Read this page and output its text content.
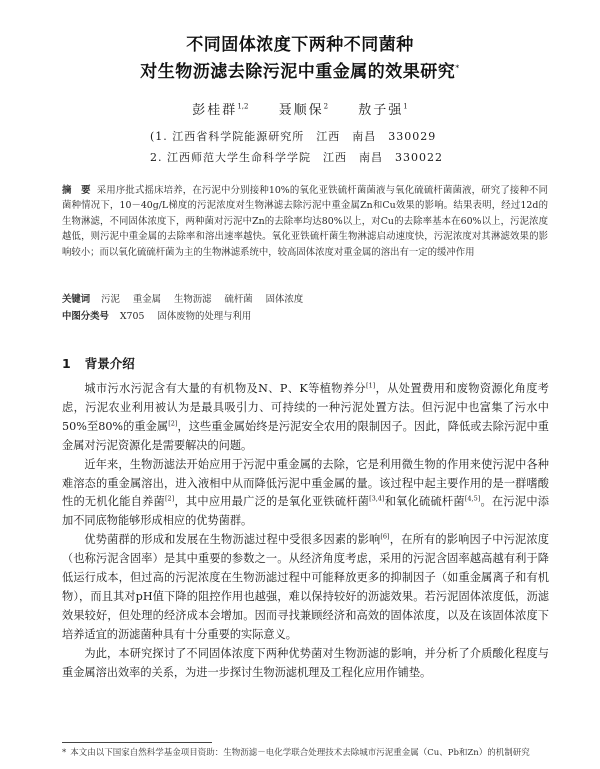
不同固体浓度下两种不同菌种
对生物沥滤去除污泥中重金属的效果研究*
彭桂群$^{1,2}$ 聂顺保$^2$ 敖子强$^1$
(1. 江西省科学院能源研究所　江西　南昌　330029
2. 江西师范大学生命科学学院　江西　南昌　330022
摘　要 采用序批式摇床培养，在污泥中分别接种10%的氧化亚铁硫杆菌菌液与氧化硫硫杆菌菌液，研究了接种不同菌种情况下，10－40g/L梯度的污泥浓度对生物淋滤去除污泥中重金属Zn和Cu效果的影响。结果表明，经过12d的生物淋滤，不同固体浓度下，两种菌对污泥中Zn的去除率均达80%以上，对Cu的去除率基本在60%以上，污泥浓度越低，则污泥中重金属的去除率和溶出速率越快。氧化亚铁硫杆菌生物淋滤启动速度快，污泥浓度对其淋滤效果的影响较小；而以氧化硫硫杆菌为主的生物淋滤系统中，较高固体浓度对重金属的溶出有一定的缓冲作用
关键词 污泥 重金属 生物沥滤 硫杆菌 固体浓度
中图分类号 X705 固体废物的处理与利用
1 背景介绍

城市污水污泥含有大量的有机物及N、P、K等植物养分[1]，从处置费用和废物资源化角度考虑，污泥农业利用被认为是最具吸引力、可持续的一种污泥处置方法。但污泥中也富集了污水中50%至80%的重金属[2]，这些重金属始终是污泥安全农用的限制因子。因此，降低或去除污泥中重金属对污泥资源化是需要解决的问题。

近年来，生物沥滤法开始应用于污泥中重金属的去除，它是利用微生物的作用来使污泥中各种难溶态的重金属溶出，进入液相中从而降低污泥中重金属的量。该过程中起主要作用的是一群嗜酸性的无机化能自养菌[2]，其中应用最广泛的是氧化亚铁硫杆菌[3,4]和氧化硫硫杆菌[4,5]。在污泥中添加不同底物能够形成相应的优势菌群。

优势菌群的形成和发展在生物沥滤过程中受很多因素的影响[6]，在所有的影响因子中污泥浓度（也称污泥含固率）是其中重要的参数之一。从经济角度考虑，采用的污泥含固率越高越有利于降低运行成本，但过高的污泥浓度在生物沥滤过程中可能释放更多的抑制因子（如重金属离子和有机物），而且其对pH值下降的阻控作用也越强，难以保持较好的沥滤效果。若污泥固体浓度低，沥滤效果较好，但处理的经济成本会增加。因而寻找兼顾经济和高效的固体浓度，以及在该固体浓度下培养适宜的沥滤菌种具有十分重要的实际意义。

为此，本研究探讨了不同固体浓度下两种优势菌对生物沥滤的影响，并分析了介质酸化程度与重金属溶出效率的关系，为进一步探讨生物沥滤机理及工程化应用作铺垫。

* 本文由以下国家自然科学基金项目资助：生物沥滤－电化学联合处理技术去除城市污泥重金属（Cu、Pb和Zn）的机制研究
